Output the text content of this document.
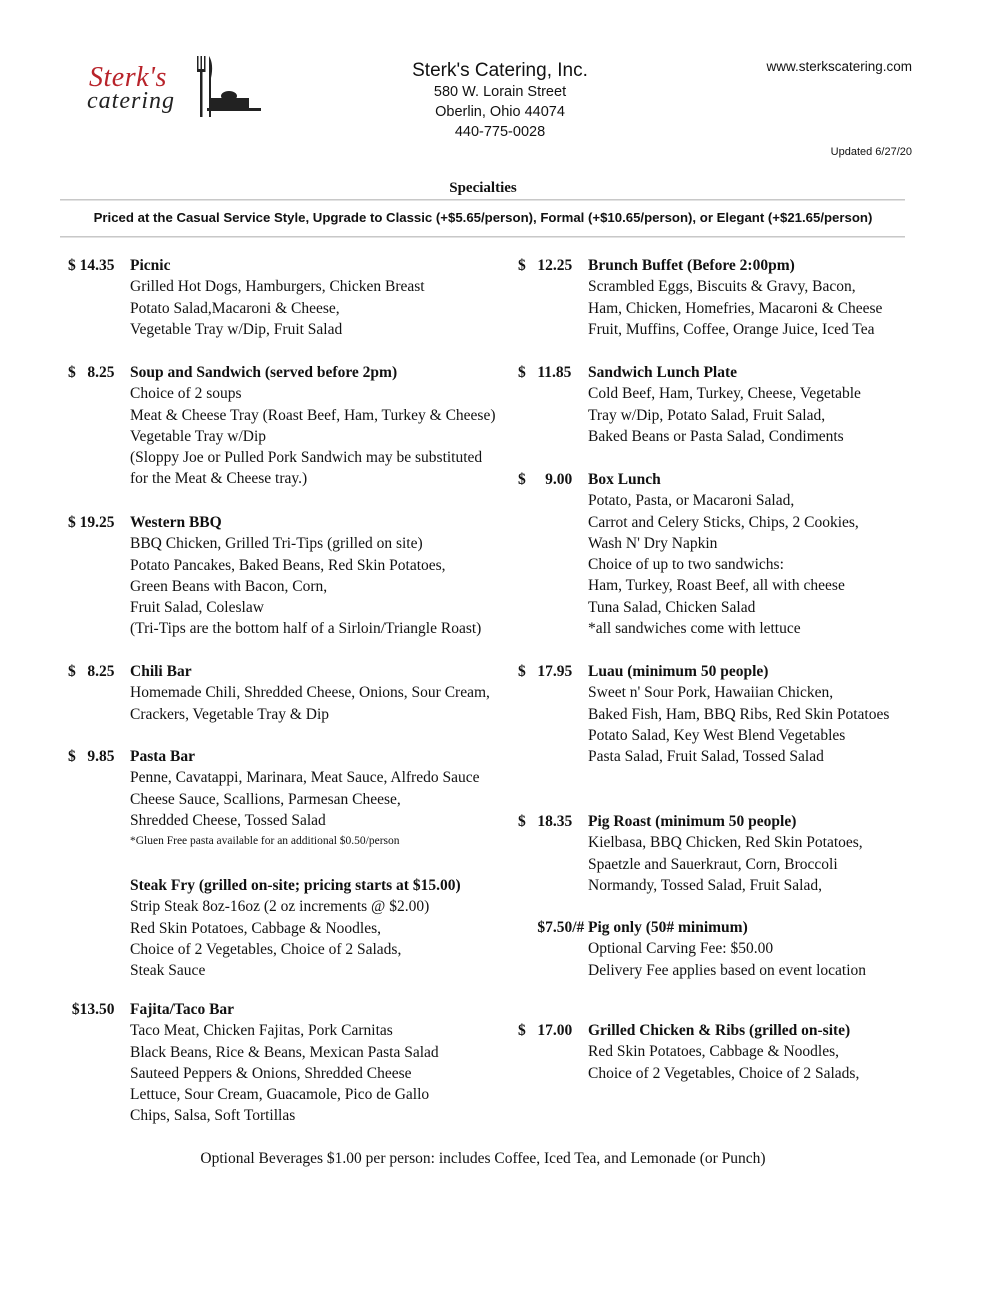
Sterk's
catering
Sterk's Catering, Inc.
580 W. Lorain Street
Oberlin, Ohio 44074
440-775-0028
www.sterkscatering.com
Updated 6/27/20
Specialties
Priced at the Casual Service Style, Upgrade to Classic (+$5.65/person), Formal (+$10.65/person), or Elegant (+$21.65/person)
$ 14.35	Picnic
Grilled Hot Dogs, Hamburgers, Chicken Breast
Potato Salad,Macaroni & Cheese,
Vegetable Tray w/Dip, Fruit Salad
$   8.25	Soup and Sandwich (served before 2pm)
Choice of 2 soups
Meat & Cheese Tray (Roast Beef, Ham, Turkey & Cheese)
Vegetable Tray w/Dip
(Sloppy Joe or Pulled Pork Sandwich may be substituted
for the Meat & Cheese tray.)
$ 19.25	Western BBQ
BBQ Chicken, Grilled Tri-Tips (grilled on site)
Potato Pancakes, Baked Beans, Red Skin Potatoes,
Green Beans with Bacon, Corn,
Fruit Salad, Coleslaw
(Tri-Tips are the bottom half of a Sirloin/Triangle Roast)
$   8.25	Chili Bar
Homemade Chili, Shredded Cheese, Onions, Sour Cream,
Crackers, Vegetable Tray & Dip
$   9.85	Pasta Bar
Penne, Cavatappi, Marinara, Meat Sauce, Alfredo Sauce
Cheese Sauce, Scallions, Parmesan Cheese,
Shredded Cheese, Tossed Salad
*Gluen Free pasta available for an additional $0.50/person
Steak Fry (grilled on-site; pricing starts at $15.00)
Strip Steak 8oz-16oz (2 oz increments @ $2.00)
Red Skin Potatoes, Cabbage & Noodles,
Choice of 2 Vegetables, Choice of 2 Salads,
Steak Sauce
$13.50	Fajita/Taco Bar
Taco Meat, Chicken Fajitas, Pork Carnitas
Black Beans, Rice & Beans, Mexican Pasta Salad
Sauteed Peppers & Onions, Shredded Cheese
Lettuce, Sour Cream, Guacamole, Pico de Gallo
Chips, Salsa, Soft Tortillas
$   12.25	Brunch Buffet (Before 2:00pm)
Scrambled Eggs, Biscuits & Gravy, Bacon,
Ham, Chicken, Homefries, Macaroni & Cheese
Fruit, Muffins, Coffee, Orange Juice, Iced Tea
$   11.85	Sandwich Lunch Plate
Cold Beef, Ham, Turkey, Cheese, Vegetable
Tray w/Dip, Potato Salad, Fruit Salad,
Baked Beans or Pasta Salad, Condiments
$     9.00	Box Lunch
Potato, Pasta, or Macaroni Salad,
Carrot and Celery Sticks, Chips, 2 Cookies,
Wash N' Dry Napkin
Choice of up to two sandwichs:
Ham, Turkey, Roast Beef, all with cheese
Tuna Salad, Chicken Salad
*all sandwiches come with lettuce
$   17.95	Luau (minimum 50 people)
Sweet n' Sour Pork, Hawaiian Chicken,
Baked Fish, Ham, BBQ Ribs, Red Skin Potatoes
Potato Salad, Key West Blend Vegetables
Pasta Salad, Fruit Salad, Tossed Salad
$   18.35	Pig Roast (minimum 50 people)
Kielbasa, BBQ Chicken, Red Skin Potatoes,
Spaetzle and Sauerkraut, Corn, Broccoli
Normandy, Tossed Salad, Fruit Salad,
$7.50/# Pig only (50# minimum)
Optional Carving Fee: $50.00
Delivery Fee applies based on event location
$   17.00	Grilled Chicken & Ribs (grilled on-site)
Red Skin Potatoes, Cabbage & Noodles,
Choice of 2 Vegetables, Choice of 2 Salads,
Optional Beverages $1.00 per person: includes Coffee, Iced Tea, and Lemonade (or Punch)
